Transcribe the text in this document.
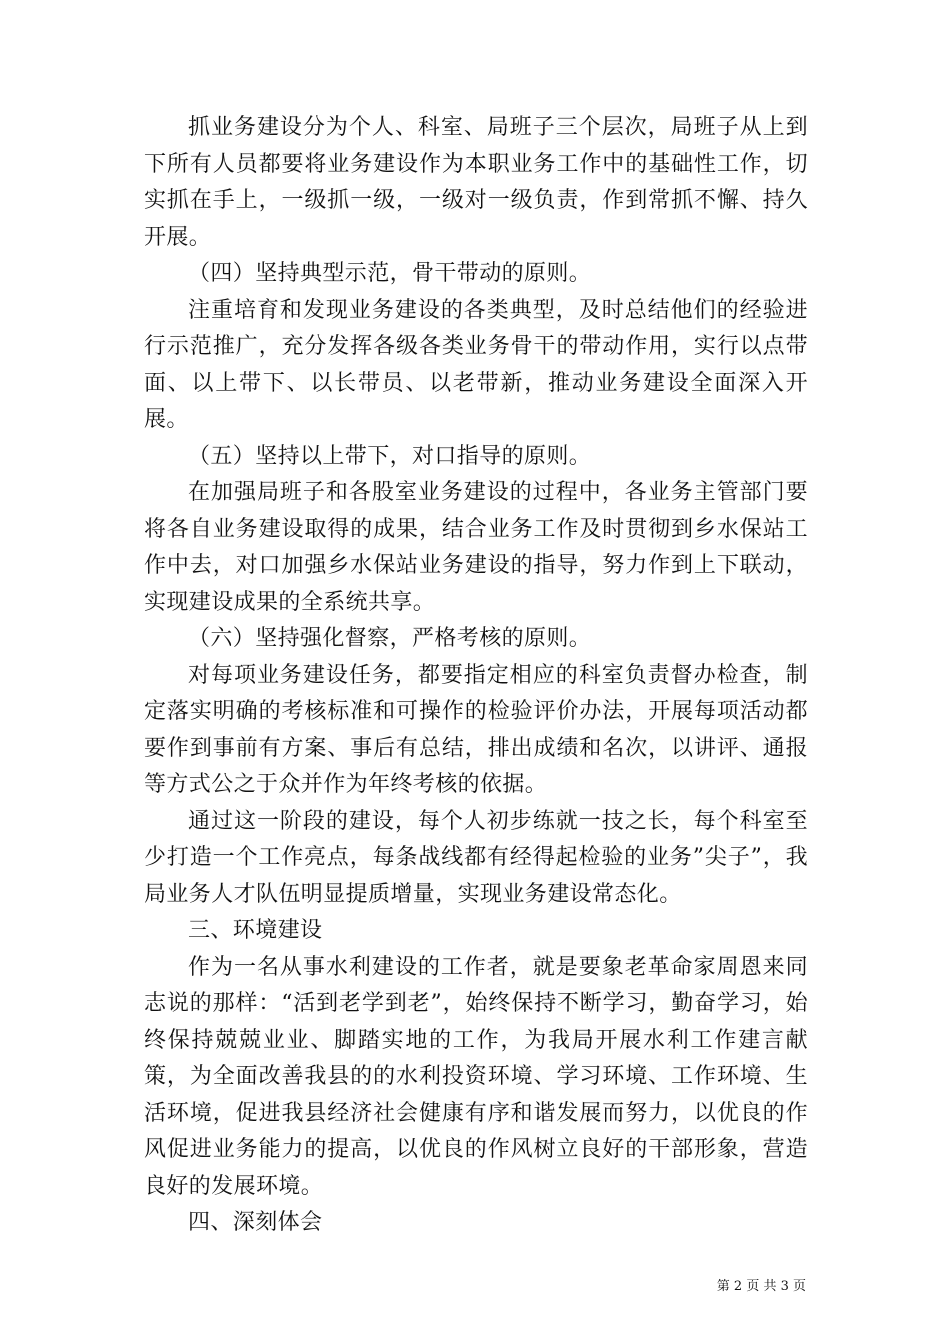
抓业务建设分为个人、科室、局班子三个层次，局班子从上到下所有人员都要将业务建设作为本职业务工作中的基础性工作，切实抓在手上，一级抓一级，一级对一级负责，作到常抓不懈、持久开展。

（四）坚持典型示范，骨干带动的原则。

注重培育和发现业务建设的各类典型，及时总结他们的经验进行示范推广，充分发挥各级各类业务骨干的带动作用，实行以点带面、以上带下、以长带员、以老带新，推动业务建设全面深入开展。

（五）坚持以上带下，对口指导的原则。

在加强局班子和各股室业务建设的过程中，各业务主管部门要将各自业务建设取得的成果，结合业务工作及时贯彻到乡水保站工作中去，对口加强乡水保站业务建设的指导，努力作到上下联动，实现建设成果的全系统共享。

（六）坚持强化督察，严格考核的原则。

对每项业务建设任务，都要指定相应的科室负责督办检查，制定落实明确的考核标准和可操作的检验评价办法，开展每项活动都要作到事前有方案、事后有总结，排出成绩和名次，以讲评、通报等方式公之于众并作为年终考核的依据。

通过这一阶段的建设，每个人初步练就一技之长，每个科室至少打造一个工作亮点，每条战线都有经得起检验的业务”尖子”，我局业务人才队伍明显提质增量，实现业务建设常态化。

三、环境建设

作为一名从事水利建设的工作者，就是要象老革命家周恩来同志说的那样：“活到老学到老”，始终保持不断学习，勤奋学习，始终保持兢兢业业、脚踏实地的工作，为我局开展水利工作建言献策，为全面改善我县的的水利投资环境、学习环境、工作环境、生活环境，促进我县经济社会健康有序和谐发展而努力，以优良的作风促进业务能力的提高，以优良的作风树立良好的干部形象，营造良好的发展环境。

四、深刻体会

第 2 页 共 3 页
